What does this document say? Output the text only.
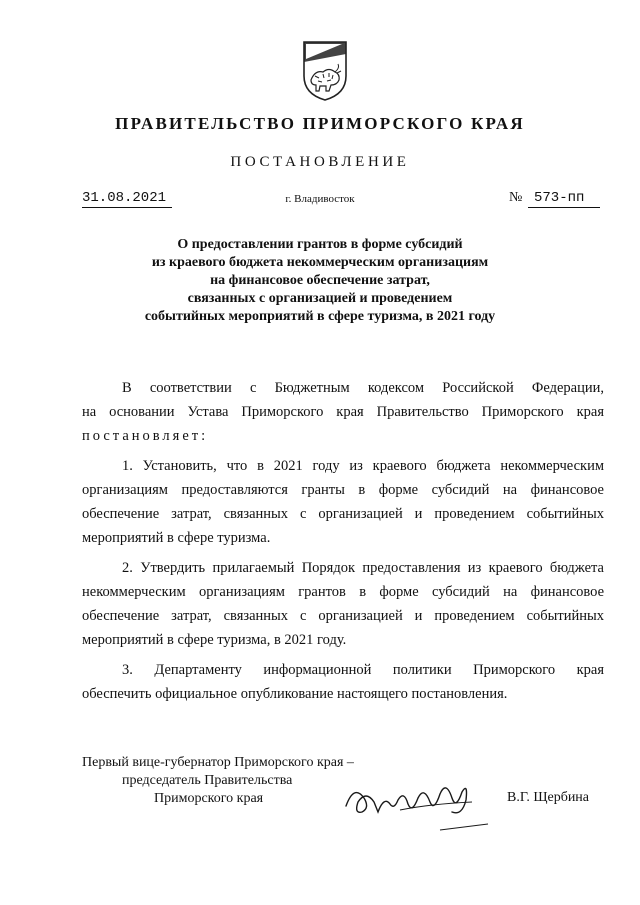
ПРАВИТЕЛЬСТВО ПРИМОРСКОГО КРАЯ
ПОСТАНОВЛЕНИЕ
31.08.2021	г. Владивосток	№ 573-пп
О предоставлении грантов в форме субсидий
из краевого бюджета некоммерческим организациям
на финансовое обеспечение затрат,
связанных с организацией и проведением
событийных мероприятий в сфере туризма, в 2021 году
В соответствии с Бюджетным кодексом Российской Федерации,
на основании Устава Приморского края Правительство Приморского края
постановляет:
1. Установить, что в 2021 году из краевого бюджета некоммерческим
организациям предоставляются гранты в форме субсидий на финансовое
обеспечение затрат, связанных с организацией и проведением событийных
мероприятий в сфере туризма.
2. Утвердить прилагаемый Порядок предоставления из краевого бюджета
некоммерческим организациям грантов в форме субсидий на финансовое
обеспечение затрат, связанных с организацией и проведением событийных
мероприятий в сфере туризма, в 2021 году.
3. Департаменту информационной политики Приморского края
обеспечить официальное опубликование настоящего постановления.
Первый вице-губернатор Приморского края –
председатель Правительства
Приморского края	В.Г. Щербина
